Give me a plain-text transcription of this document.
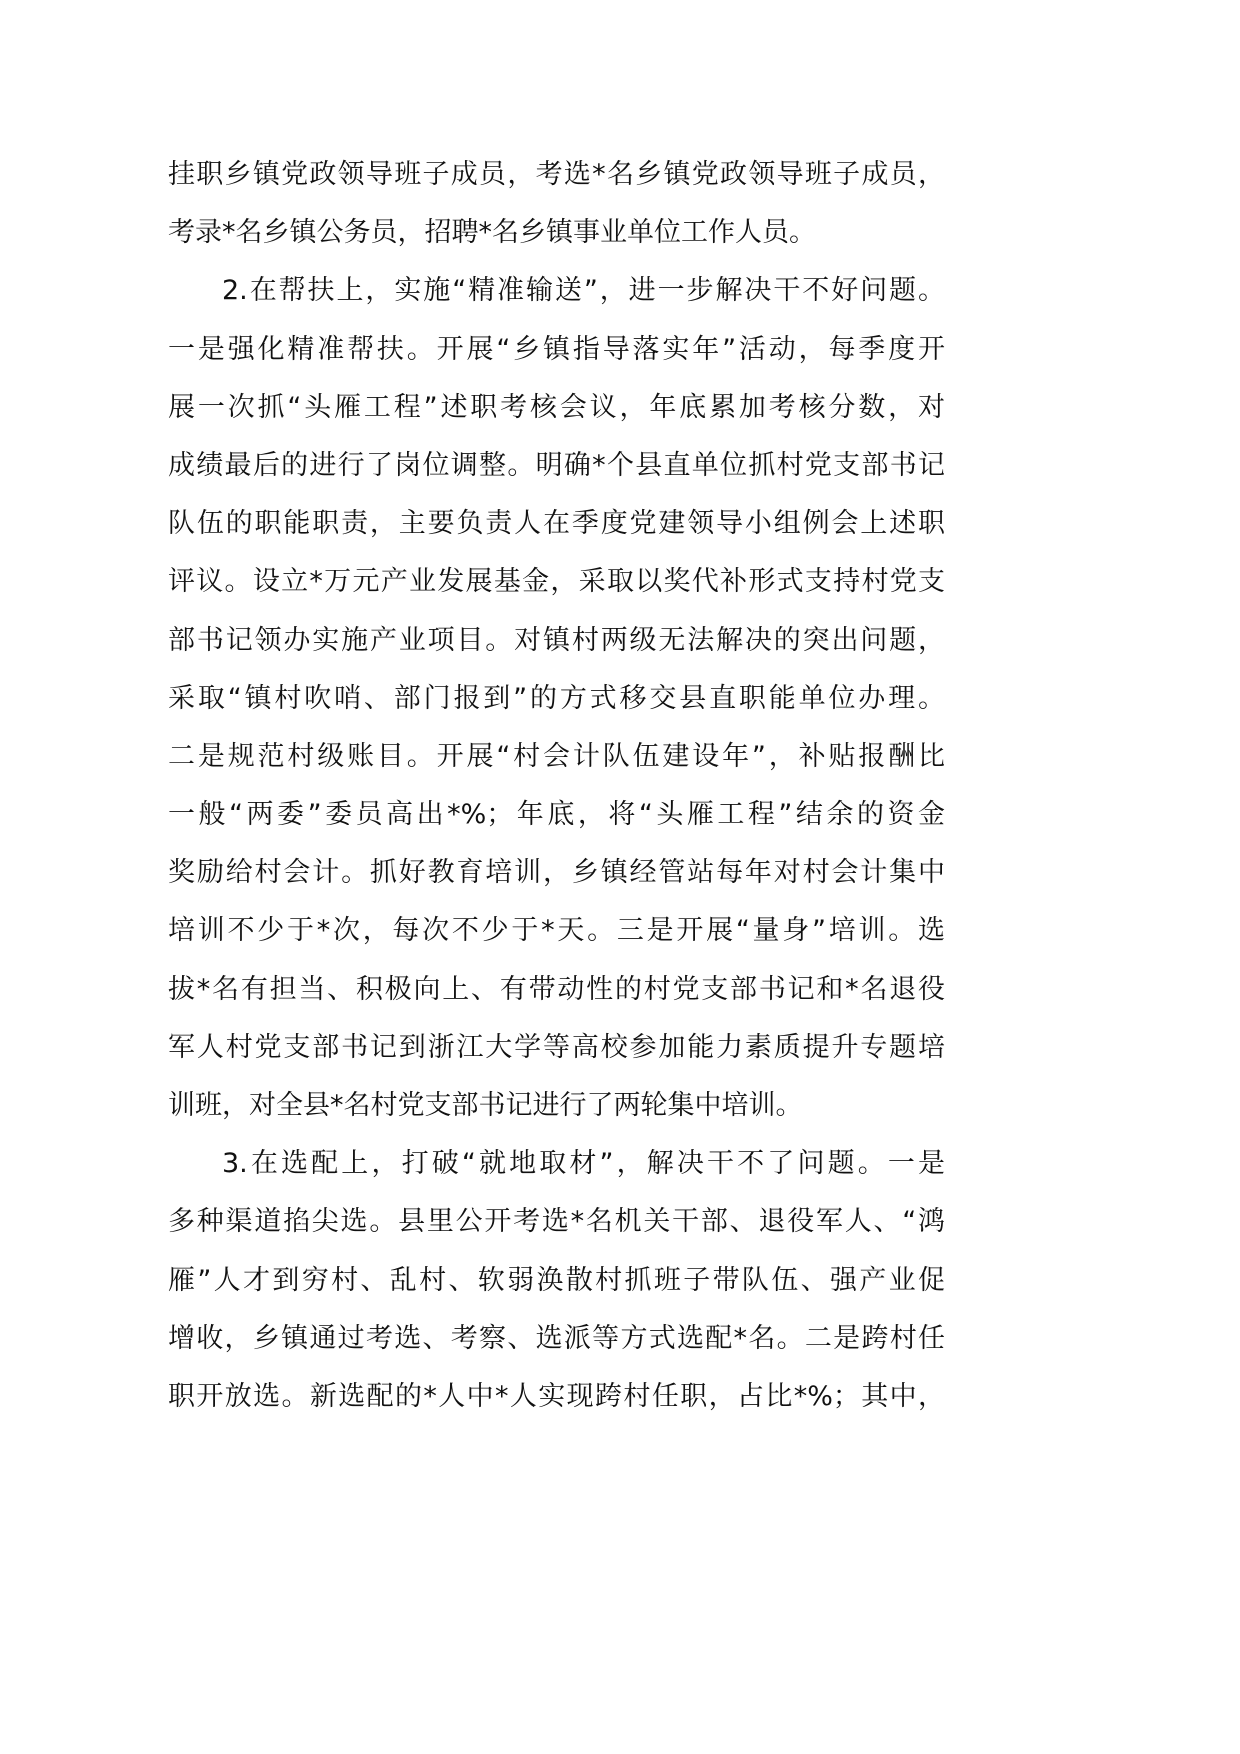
挂职乡镇党政领导班子成员，考选*名乡镇党政领导班子成员，
考录*名乡镇公务员，招聘*名乡镇事业单位工作人员。
2.在帮扶上，实施“精准输送”，进一步解决干不好问题。
一是强化精准帮扶。开展“乡镇指导落实年”活动，每季度开
展一次抓“头雁工程”述职考核会议，年底累加考核分数，对
成绩最后的进行了岗位调整。明确*个县直单位抓村党支部书记
队伍的职能职责，主要负责人在季度党建领导小组例会上述职
评议。设立*万元产业发展基金，采取以奖代补形式支持村党支
部书记领办实施产业项目。对镇村两级无法解决的突出问题，
采取“镇村吹哨、部门报到”的方式移交县直职能单位办理。
二是规范村级账目。开展“村会计队伍建设年”，补贴报酬比
一般“两委”委员高出*%；年底，将“头雁工程”结余的资金
奖励给村会计。抓好教育培训，乡镇经管站每年对村会计集中
培训不少于*次，每次不少于*天。三是开展“量身”培训。选
拔*名有担当、积极向上、有带动性的村党支部书记和*名退役
军人村党支部书记到浙江大学等高校参加能力素质提升专题培
训班，对全县*名村党支部书记进行了两轮集中培训。
3.在选配上，打破“就地取材”，解决干不了问题。一是
多种渠道掐尖选。县里公开考选*名机关干部、退役军人、“鸿
雁”人才到穷村、乱村、软弱涣散村抓班子带队伍、强产业促
增收，乡镇通过考选、考察、选派等方式选配*名。二是跨村任
职开放选。新选配的*人中*人实现跨村任职，占比*%；其中，
